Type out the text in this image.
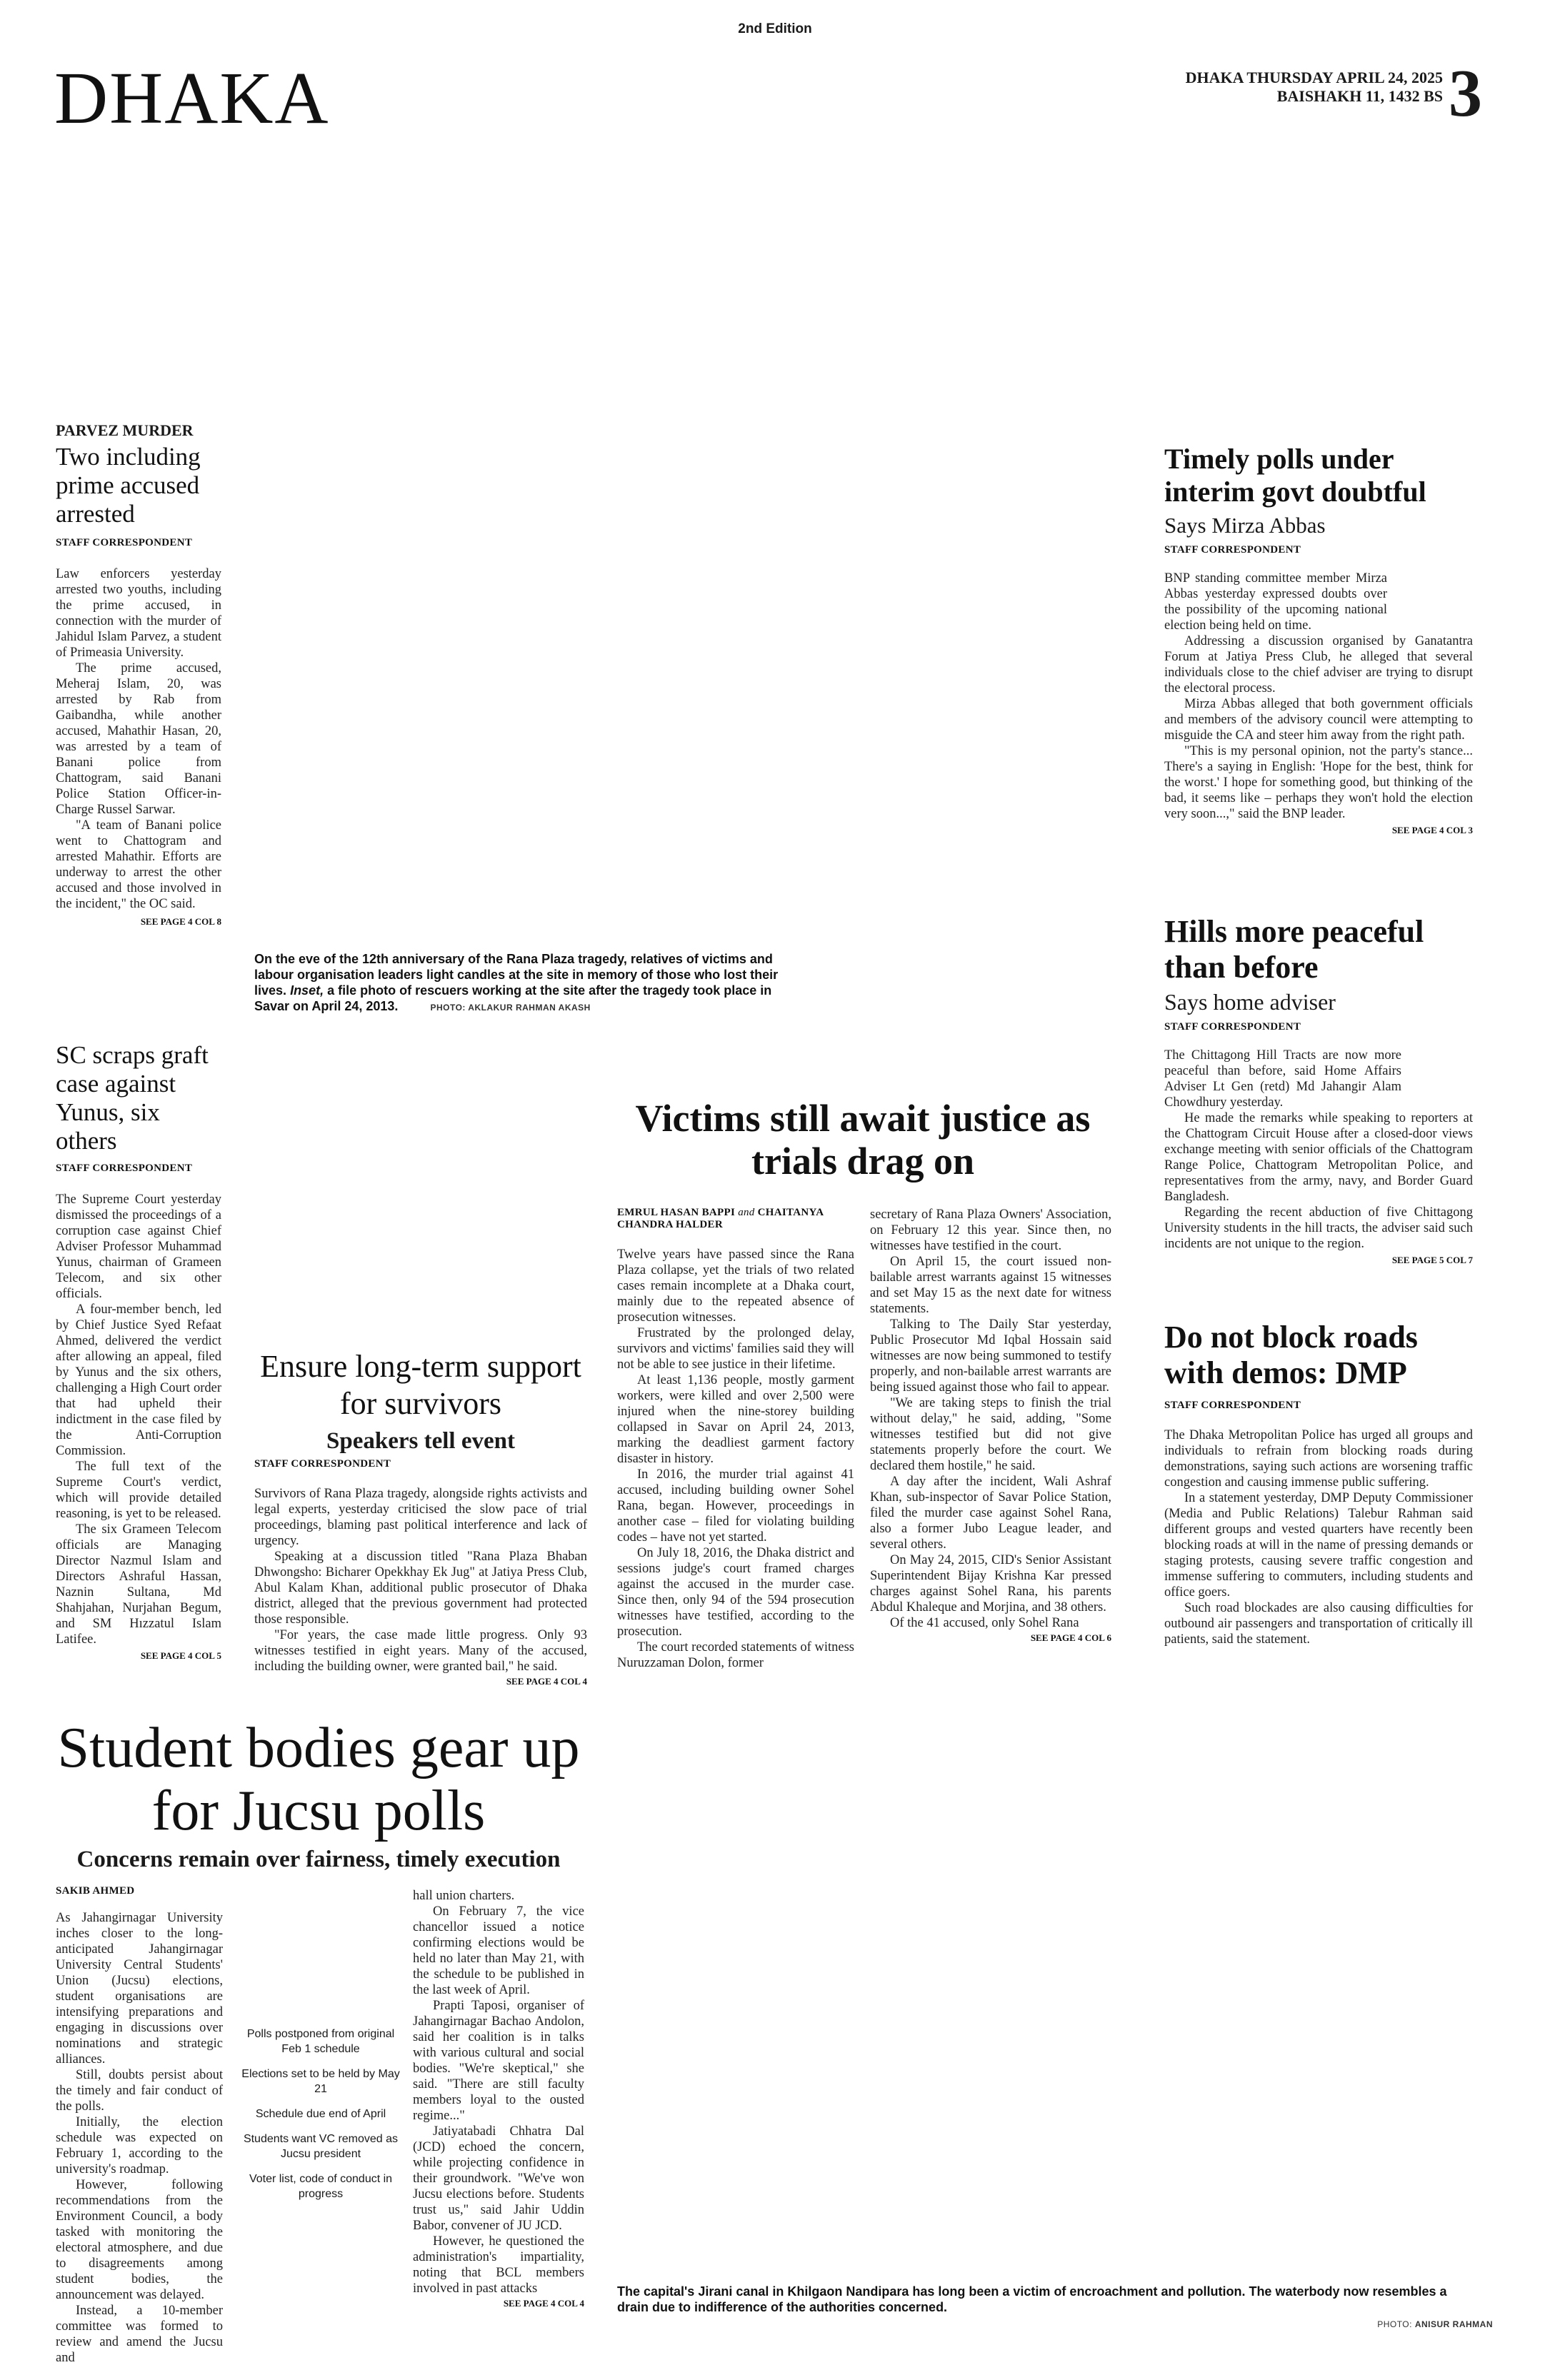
2nd Edition
DHAKA	DHAKA THURSDAY APRIL 24, 2025
BAISHAKH 11, 1432 BS 3
PARVEZ MURDER
Two including prime accused arrested
STAFF CORRESPONDENT

Law enforcers yesterday arrested two youths, including the prime accused, in connection with the murder of Jahidul Islam Parvez, a student of Primeasia University.

The prime accused, Meheraj Islam, 20, was arrested by Rab from Gaibandha, while another accused, Mahathir Hasan, 20, was arrested by a team of Banani police from Chattogram, said Banani Police Station Officer-in-Charge Russel Sarwar.

"A team of Banani police went to Chattogram and arrested Mahathir. Efforts are underway to arrest the other accused and those involved in the incident," the OC said.

SEE PAGE 4 COL 8
On the eve of the 12th anniversary of the Rana Plaza tragedy, relatives of victims and labour organisation leaders light candles at the site in memory of those who lost their lives. Inset, a file photo of rescuers working at the site after the tragedy took place in Savar on April 24, 2013.	PHOTO: AKLAKUR RAHMAN AKASH
Timely polls under interim govt doubtful
Says Mirza Abbas
STAFF CORRESPONDENT

BNP standing committee member Mirza Abbas yesterday expressed doubts over the possibility of the upcoming national election being held on time.

Addressing a discussion organised by Ganatantra Forum at Jatiya Press Club, he alleged that several individuals close to the chief adviser are trying to disrupt the electoral process.

Mirza Abbas alleged that both government officials and members of the advisory council were attempting to misguide the CA and steer him away from the right path.

"This is my personal opinion, not the party's stance... There's a saying in English: 'Hope for the best, think for the worst.' I hope for something good, but thinking of the bad, it seems like – perhaps they won't hold the election very soon...," said the BNP leader.

SEE PAGE 4 COL 3
Hills more peaceful than before
Says home adviser
STAFF CORRESPONDENT

The Chittagong Hill Tracts are now more peaceful than before, said Home Affairs Adviser Lt Gen (retd) Md Jahangir Alam Chowdhury yesterday.

He made the remarks while speaking to reporters at the Chattogram Circuit House after a closed-door views exchange meeting with senior officials of the Chattogram Range Police, Chattogram Metropolitan Police, and representatives from the army, navy, and Border Guard Bangladesh.

Regarding the recent abduction of five Chittagong University students in the hill tracts, the adviser said such incidents are not unique to the region.

SEE PAGE 5 COL 7
SC scraps graft case against Yunus, six others
STAFF CORRESPONDENT

The Supreme Court yesterday dismissed the proceedings of a corruption case against Chief Adviser Professor Muhammad Yunus, chairman of Grameen Telecom, and six other officials.

A four-member bench, led by Chief Justice Syed Refaat Ahmed, delivered the verdict after allowing an appeal, filed by Yunus and the six others, challenging a High Court order that had upheld their indictment in the case filed by the Anti-Corruption Commission.

The full text of the Supreme Court's verdict, which will provide detailed reasoning, is yet to be released.

The six Grameen Telecom officials are Managing Director Nazmul Islam and Directors Ashraful Hassan, Naznin Sultana, Md Shahjahan, Nurjahan Begum, and SM Hızzatul Islam Latifee.

SEE PAGE 4 COL 5
Victims still await justice as trials drag on
EMRUL HASAN BAPPI and CHAITANYA CHANDRA HALDER

Twelve years have passed since the Rana Plaza collapse, yet the trials of two related cases remain incomplete at a Dhaka court, mainly due to the repeated absence of prosecution witnesses.

Frustrated by the prolonged delay, survivors and victims' families said they will not be able to see justice in their lifetime.

At least 1,136 people, mostly garment workers, were killed and over 2,500 were injured when the nine-storey building collapsed in Savar on April 24, 2013, marking the deadliest garment factory disaster in history.

In 2016, the murder trial against 41 accused, including building owner Sohel Rana, began. However, proceedings in another case – filed for violating building codes – have not yet started.

On July 18, 2016, the Dhaka district and sessions judge's court framed charges against the accused in the murder case. Since then, only 94 of the 594 prosecution witnesses have testified, according to the prosecution.

The court recorded statements of witness Nuruzzaman Dolon, former

secretary of Rana Plaza Owners' Association, on February 12 this year. Since then, no witnesses have testified in the court.

On April 15, the court issued non-bailable arrest warrants against 15 witnesses and set May 15 as the next date for witness statements.

Talking to The Daily Star yesterday, Public Prosecutor Md Iqbal Hossain said witnesses are now being summoned to testify properly, and non-bailable arrest warrants are being issued against those who fail to appear.

"We are taking steps to finish the trial without delay," he said, adding, "Some witnesses testified but did not give statements properly before the court. We declared them hostile," he said.

A day after the incident, Wali Ashraf Khan, sub-inspector of Savar Police Station, filed the murder case against Sohel Rana, also a former Jubo League leader, and several others.

On May 24, 2015, CID's Senior Assistant Superintendent Bijay Krishna Kar pressed charges against Sohel Rana, his parents Abdul Khaleque and Morjina, and 38 others.

Of the 41 accused, only Sohel Rana

SEE PAGE 4 COL 6
Ensure long-term support for survivors
Speakers tell event
STAFF CORRESPONDENT

Survivors of Rana Plaza tragedy, alongside rights activists and legal experts, yesterday criticised the slow pace of trial proceedings, blaming past political interference and lack of urgency.

Speaking at a discussion titled "Rana Plaza Bhaban Dhwongsho: Bicharer Opekkhay Ek Jug" at Jatiya Press Club, Abul Kalam Khan, additional public prosecutor of Dhaka district, alleged that the previous government had protected those responsible.

"For years, the case made little progress. Only 93 witnesses testified in eight years. Many of the accused, including the building owner, were granted bail," he said.

SEE PAGE 4 COL 4
Do not block roads with demos: DMP
STAFF CORRESPONDENT

The Dhaka Metropolitan Police has urged all groups and individuals to refrain from blocking roads during demonstrations, saying such actions are worsening traffic congestion and causing immense public suffering.

In a statement yesterday, DMP Deputy Commissioner (Media and Public Relations) Talebur Rahman said different groups and vested quarters have recently been blocking roads at will in the name of pressing demands or staging protests, causing severe traffic congestion and immense suffering to commuters, including students and office goers.

Such road blockades are also causing difficulties for outbound air passengers and transportation of critically ill patients, said the statement.

Student bodies gear up for Jucsu polls
Concerns remain over fairness, timely execution
SAKIB AHMED

As Jahangirnagar University inches closer to the long-anticipated Jahangirnagar University Central Students' Union (Jucsu) elections, student organisations are intensifying preparations and engaging in discussions over nominations and strategic alliances.

Still, doubts persist about the timely and fair conduct of the polls.

Initially, the election schedule was expected on February 1, according to the university's roadmap.

However, following recommendations from the Environment Council, a body tasked with monitoring the electoral atmosphere, and due to disagreements among student bodies, the announcement was delayed.

Instead, a 10-member committee was formed to review and amend the Jucsu and

Polls postponed from original Feb 1 schedule
Elections set to be held by May 21
Schedule due end of April
Students want VC removed as Jucsu president
Voter list, code of conduct in progress

hall union charters.

On February 7, the vice chancellor issued a notice confirming elections would be held no later than May 21, with the schedule to be published in the last week of April.

Prapti Taposi, organiser of Jahangirnagar Bachao Andolon, said her coalition is in talks with various cultural and social bodies. "We're skeptical," she said. "There are still faculty members loyal to the ousted regime..."

Jatiyatabadi Chhatra Dal (JCD) echoed the concern, while projecting confidence in their groundwork. "We've won Jucsu elections before. Students trust us," said Jahir Uddin Babor, convener of JU JCD.

However, he questioned the administration's impartiality, noting that BCL members involved in past attacks

SEE PAGE 4 COL 4
The capital's Jirani canal in Khilgaon Nandipara has long been a victim of encroachment and pollution. The waterbody now resembles a drain due to indifference of the authorities concerned.
PHOTO: ANISUR RAHMAN
